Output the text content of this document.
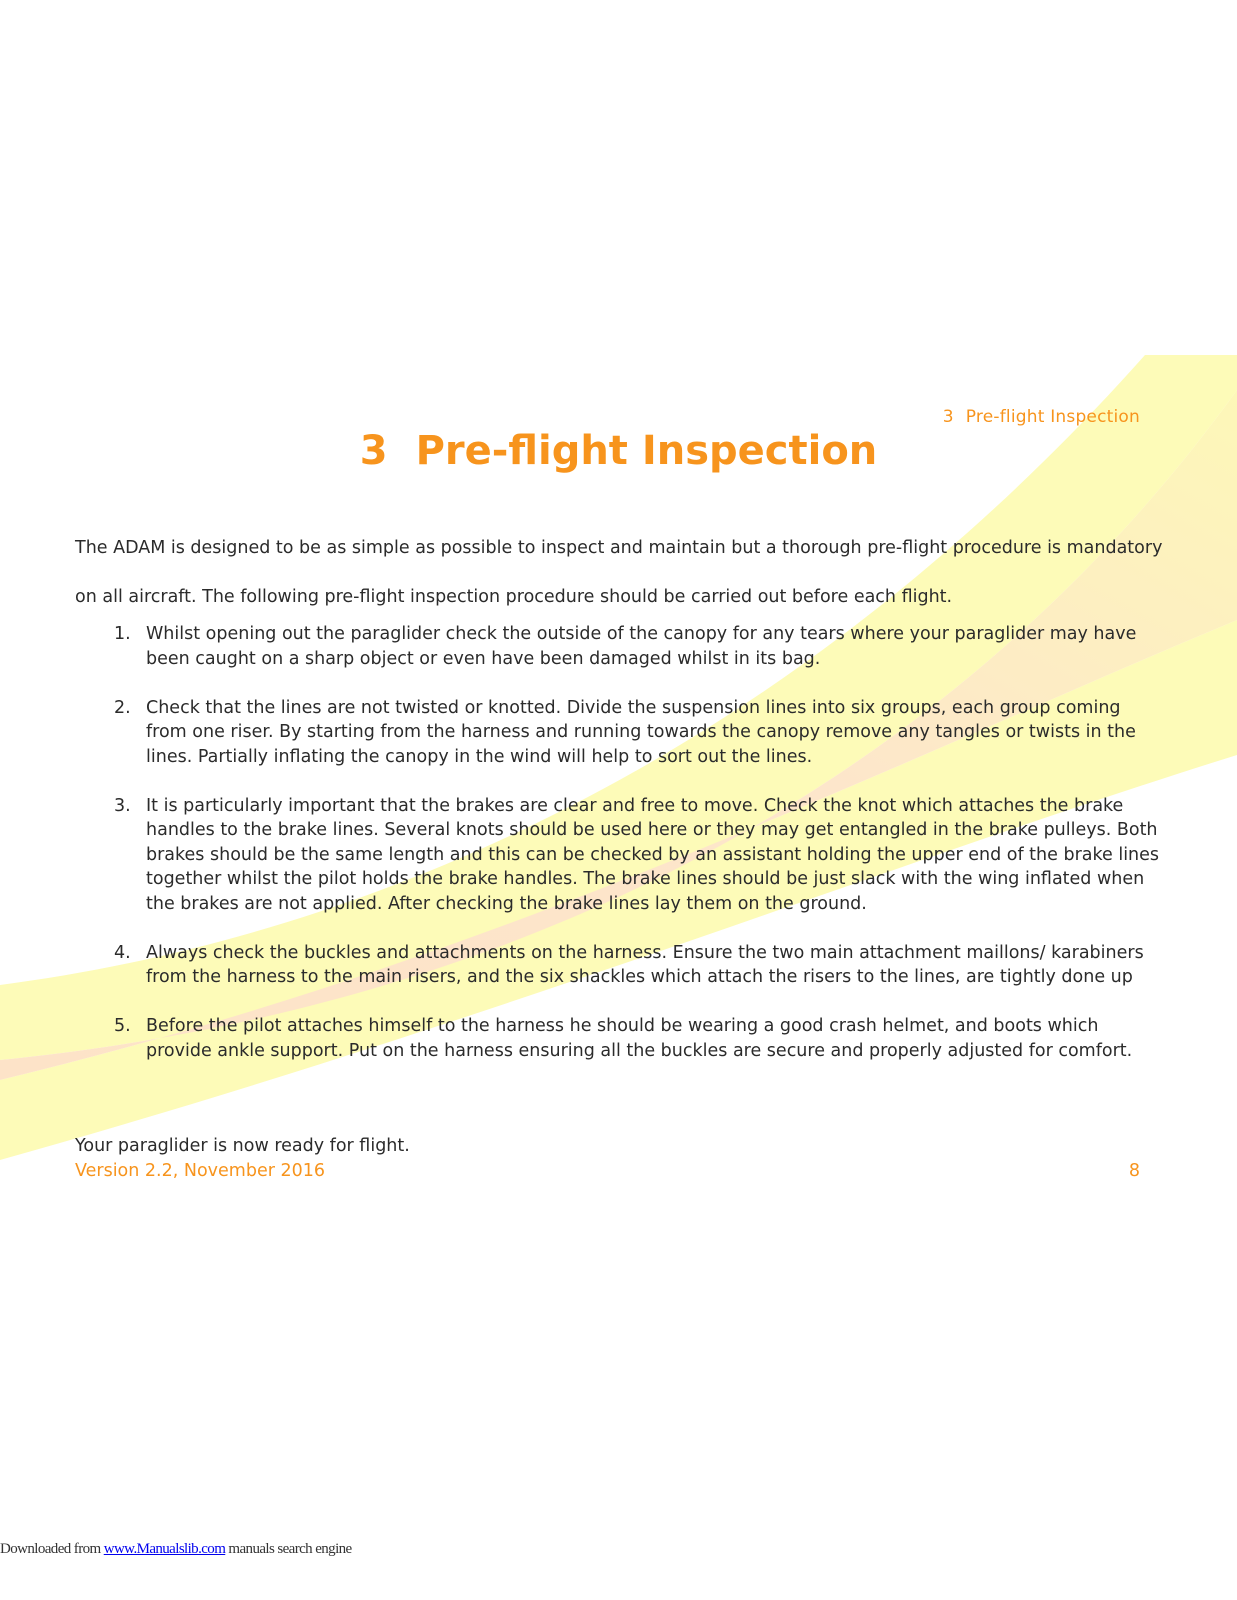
3 Pre-flight Inspection
3 Pre-flight Inspection

The ADAM is designed to be as simple as possible to inspect and maintain but a thorough pre-flight procedure is mandatory on all aircraft. The following pre-flight inspection procedure should be carried out before each flight.

1. Whilst opening out the paraglider check the outside of the canopy for any tears where your paraglider may have been caught on a sharp object or even have been damaged whilst in its bag.
2. Check that the lines are not twisted or knotted. Divide the suspension lines into six groups, each group coming from one riser. By starting from the harness and running towards the canopy remove any tangles or twists in the lines. Partially inflating the canopy in the wind will help to sort out the lines.
3. It is particularly important that the brakes are clear and free to move. Check the knot which attaches the brake handles to the brake lines. Several knots should be used here or they may get entangled in the brake pulleys. Both brakes should be the same length and this can be checked by an assistant holding the upper end of the brake lines together whilst the pilot holds the brake handles. The brake lines should be just slack with the wing inflated when the brakes are not applied. After checking the brake lines lay them on the ground.
4. Always check the buckles and attachments on the harness. Ensure the two main attachment maillons/ karabiners from the harness to the main risers, and the six shackles which attach the risers to the lines, are tightly done up
5. Before the pilot attaches himself to the harness he should be wearing a good crash helmet, and boots which provide ankle support. Put on the harness ensuring all the buckles are secure and properly adjusted for comfort.

Your paraglider is now ready for flight.

Version 2.2, November 2016	8
Downloaded from www.Manualslib.com manuals search engine
